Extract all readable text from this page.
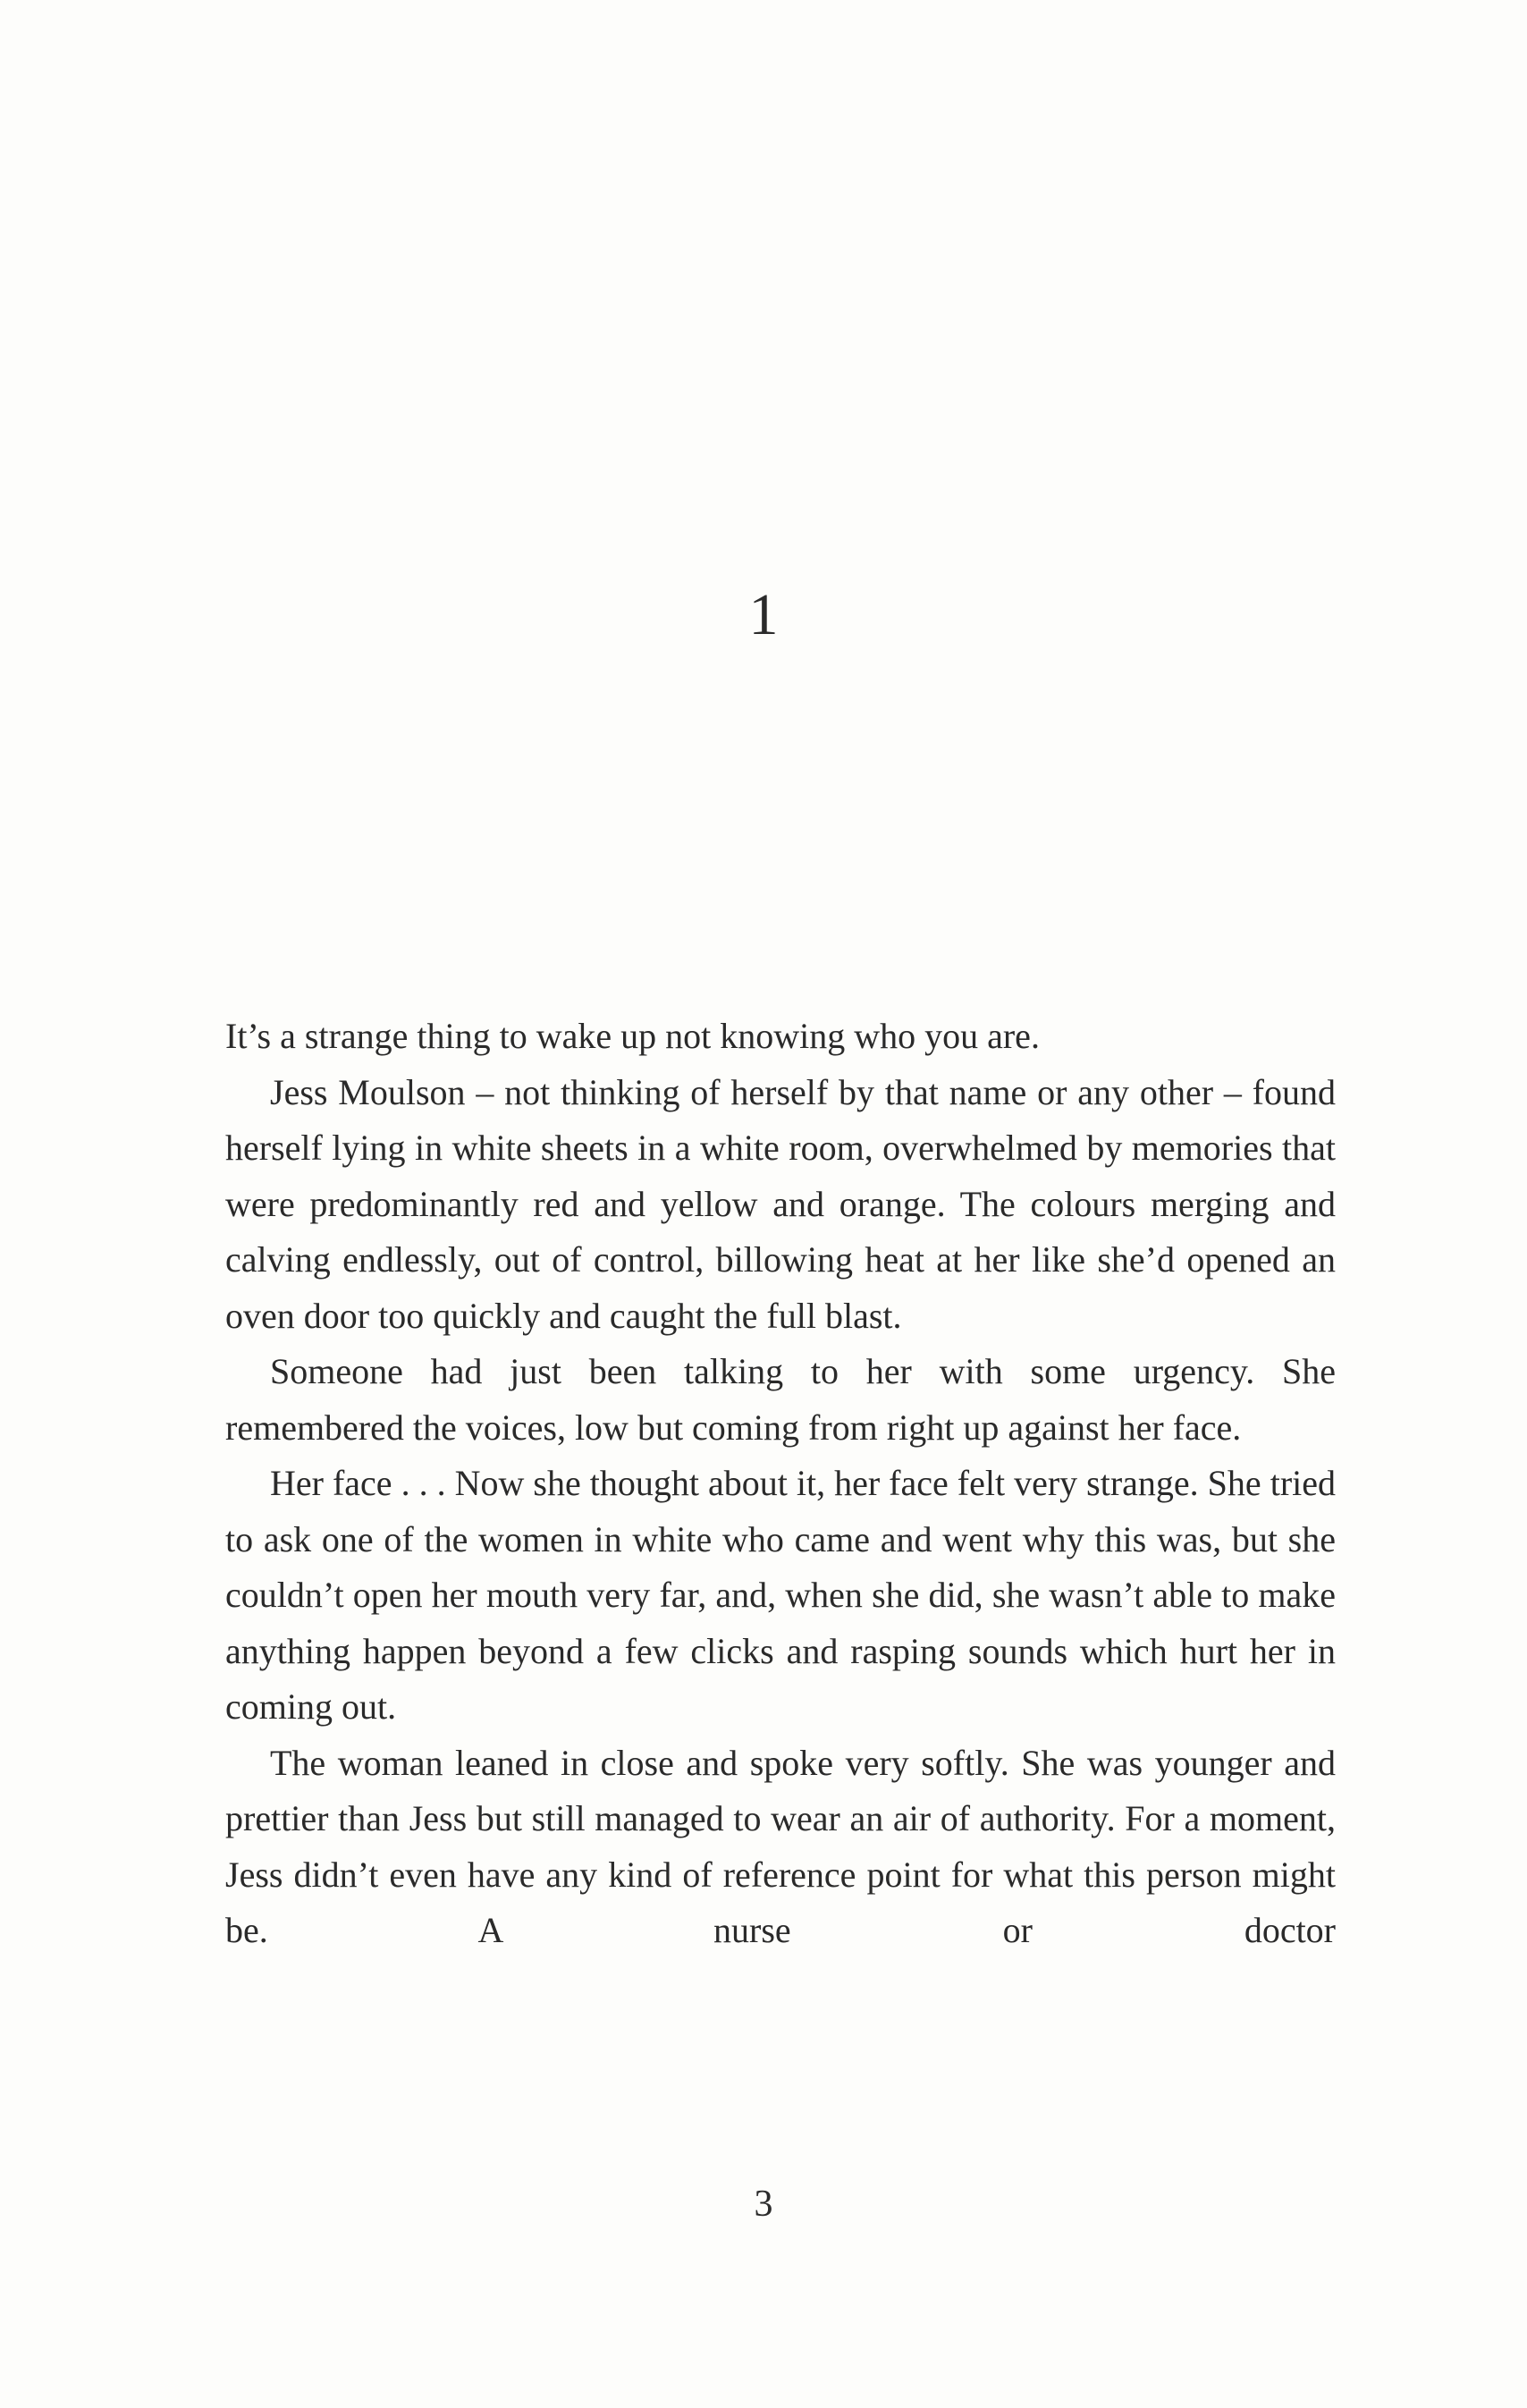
1

It’s a strange thing to wake up not knowing who you are.

Jess Moulson – not thinking of herself by that name or any other – found herself lying in white sheets in a white room, overwhelmed by memories that were predominantly red and yellow and orange. The colours merging and calving endlessly, out of control, billowing heat at her like she’d opened an oven door too quickly and caught the full blast.

Someone had just been talking to her with some urgency. She remembered the voices, low but coming from right up against her face.

Her face . . . Now she thought about it, her face felt very strange. She tried to ask one of the women in white who came and went why this was, but she couldn’t open her mouth very far, and, when she did, she wasn’t able to make anything happen beyond a few clicks and rasping sounds which hurt her in coming out.

The woman leaned in close and spoke very softly. She was younger and prettier than Jess but still managed to wear an air of authority. For a moment, Jess didn’t even have any kind of reference point for what this person might be. A nurse or doctor

3
